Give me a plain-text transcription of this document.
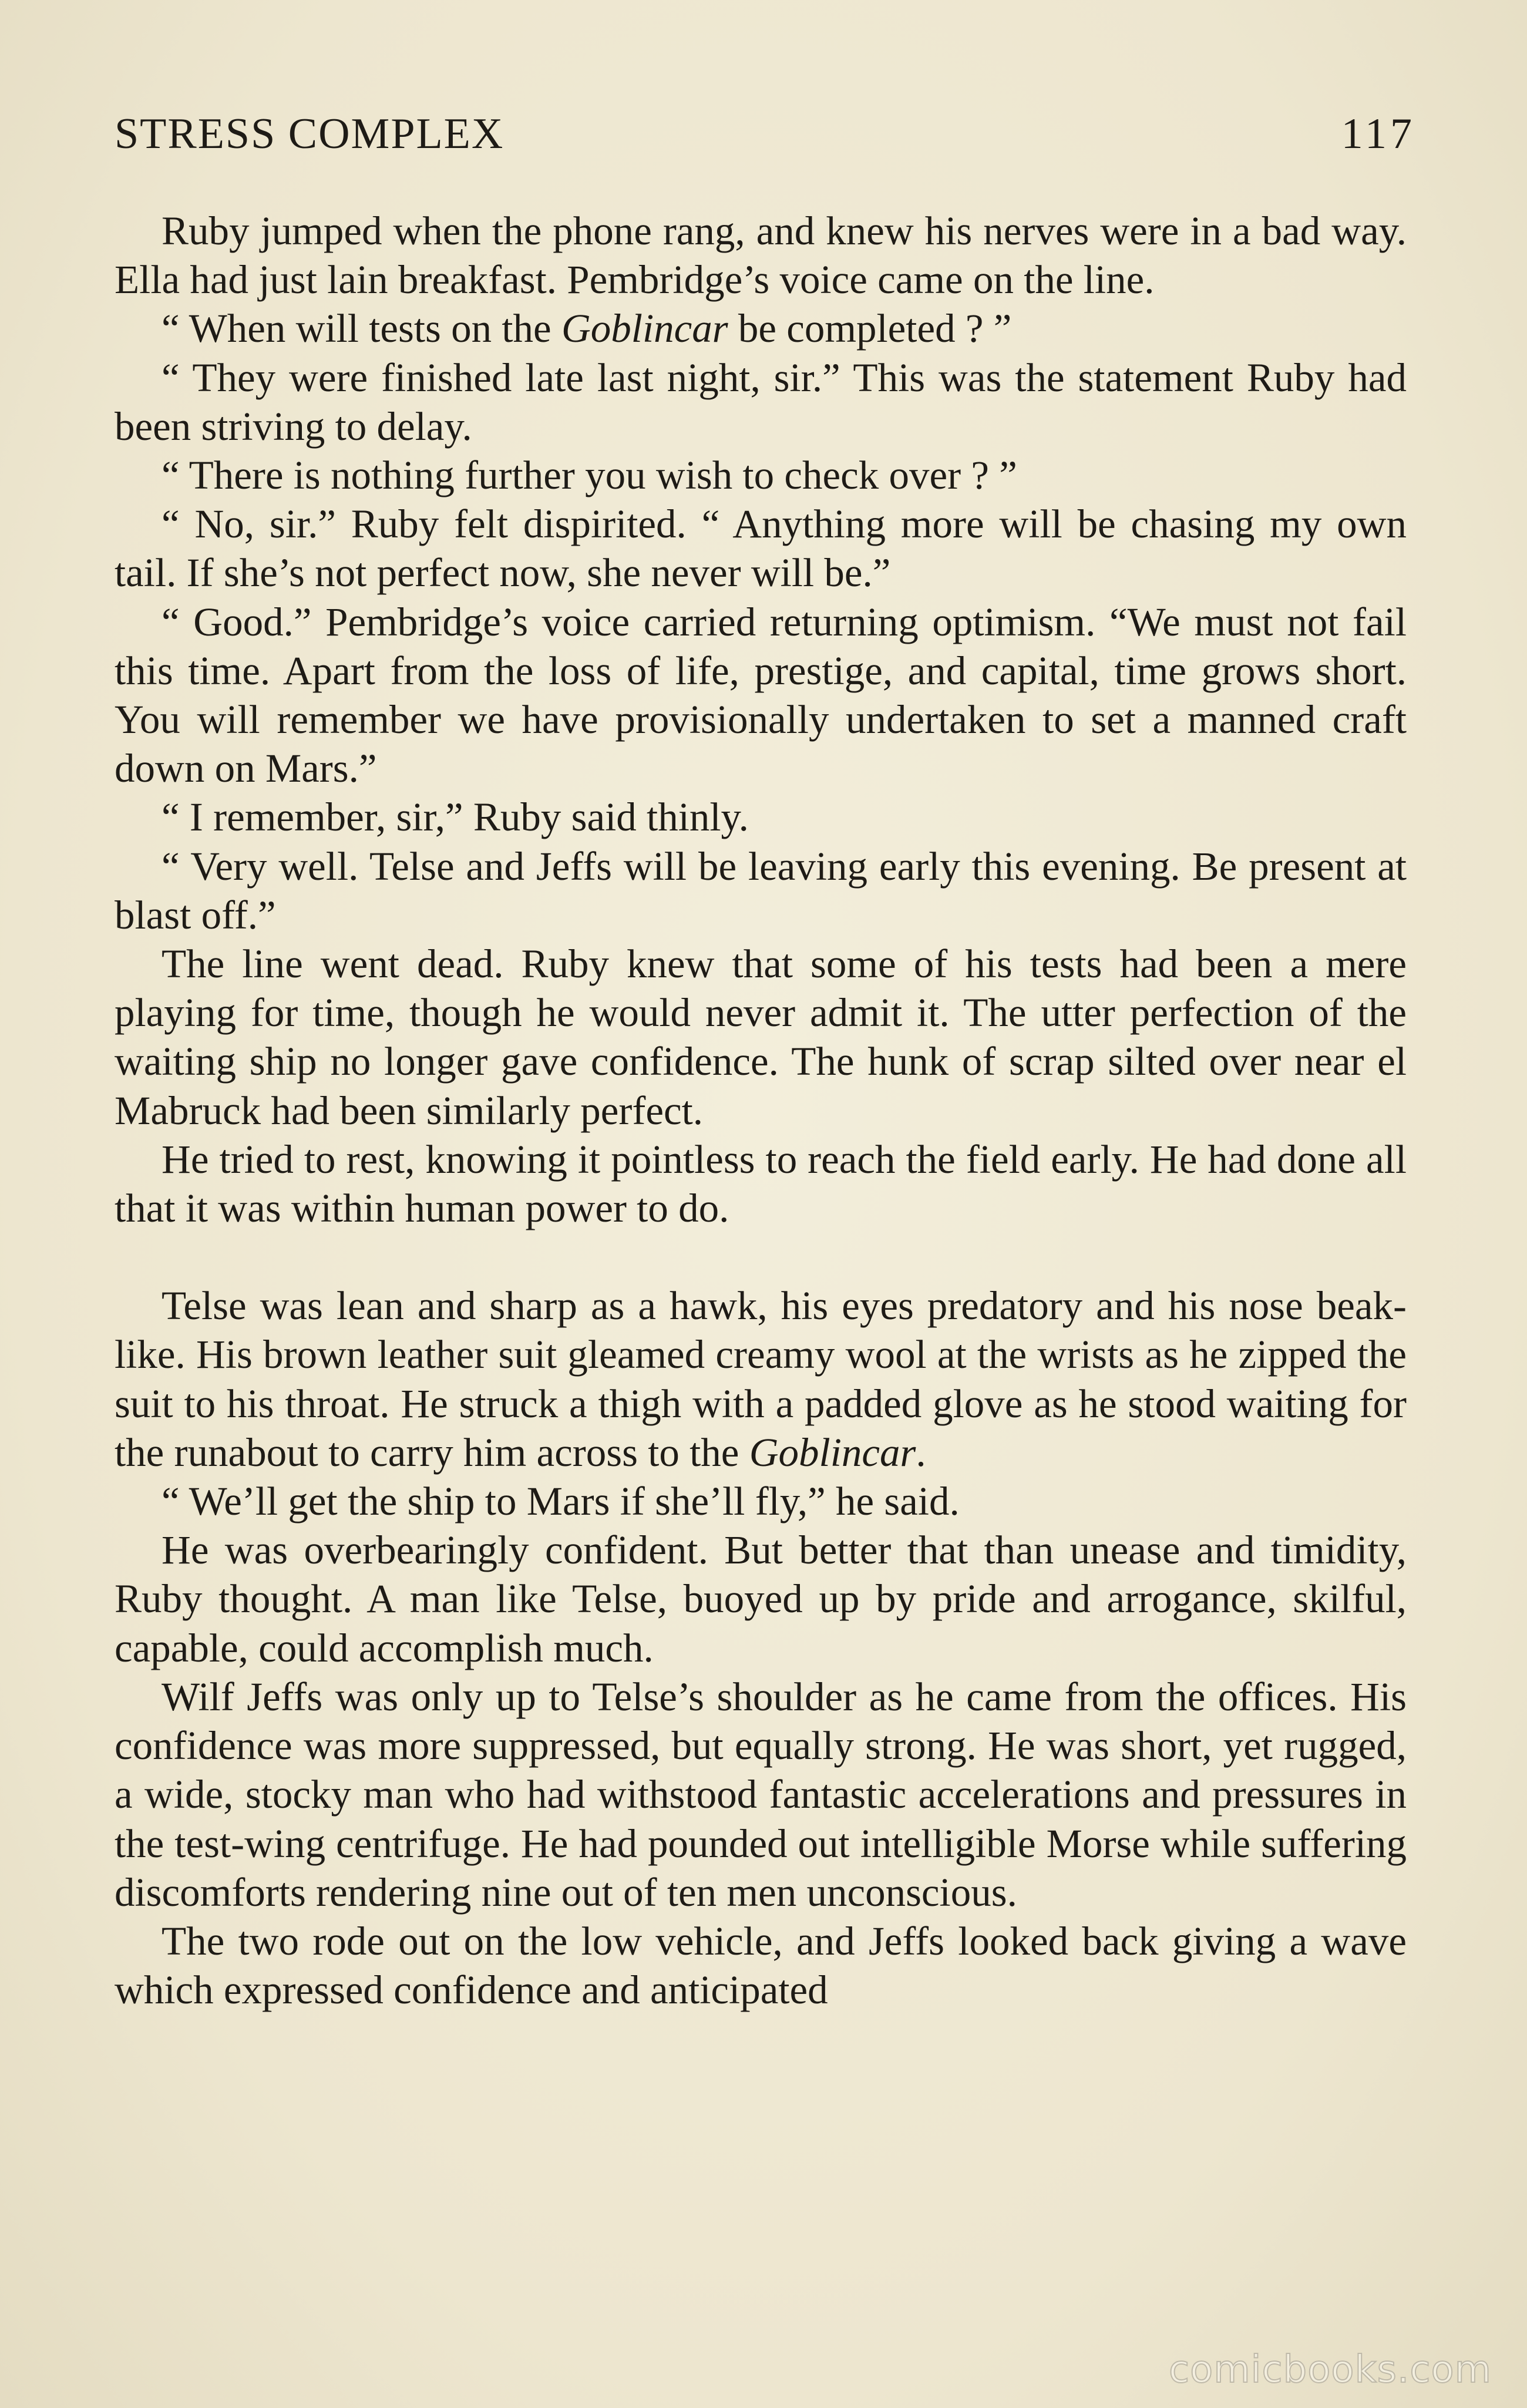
STRESS COMPLEX	117

Ruby jumped when the phone rang, and knew his nerves were in a bad way. Ella had just lain breakfast. Pembridge’s voice came on the line.

“ When will tests on the Goblincar be completed ? ”

“ They were finished late last night, sir.” This was the statement Ruby had been striving to delay.

“ There is nothing further you wish to check over ? ”

“ No, sir.” Ruby felt dispirited. “ Anything more will be chasing my own tail. If she’s not perfect now, she never will be.”

“ Good.” Pembridge’s voice carried returning optimism. “We must not fail this time. Apart from the loss of life, prestige, and capital, time grows short. You will remember we have provisionally undertaken to set a manned craft down on Mars.”

“ I remember, sir,” Ruby said thinly.

“ Very well. Telse and Jeffs will be leaving early this evening. Be present at blast off.”

The line went dead. Ruby knew that some of his tests had been a mere playing for time, though he would never admit it. The utter perfection of the waiting ship no longer gave confidence. The hunk of scrap silted over near el Mabruck had been similarly perfect.

He tried to rest, knowing it pointless to reach the field early. He had done all that it was within human power to do.

Telse was lean and sharp as a hawk, his eyes predatory and his nose beak-like. His brown leather suit gleamed creamy wool at the wrists as he zipped the suit to his throat. He struck a thigh with a padded glove as he stood waiting for the runabout to carry him across to the Goblincar.

“ We’ll get the ship to Mars if she’ll fly,” he said.

He was overbearingly confident. But better that than unease and timidity, Ruby thought. A man like Telse, buoyed up by pride and arrogance, skilful, capable, could accomplish much.

Wilf Jeffs was only up to Telse’s shoulder as he came from the offices. His confidence was more suppressed, but equally strong. He was short, yet rugged, a wide, stocky man who had withstood fantastic accelerations and pressures in the test-wing centrifuge. He had pounded out intelligible Morse while suffering discomforts rendering nine out of ten men unconscious.

The two rode out on the low vehicle, and Jeffs looked back giving a wave which expressed confidence and anticipated

comicbooks.com
